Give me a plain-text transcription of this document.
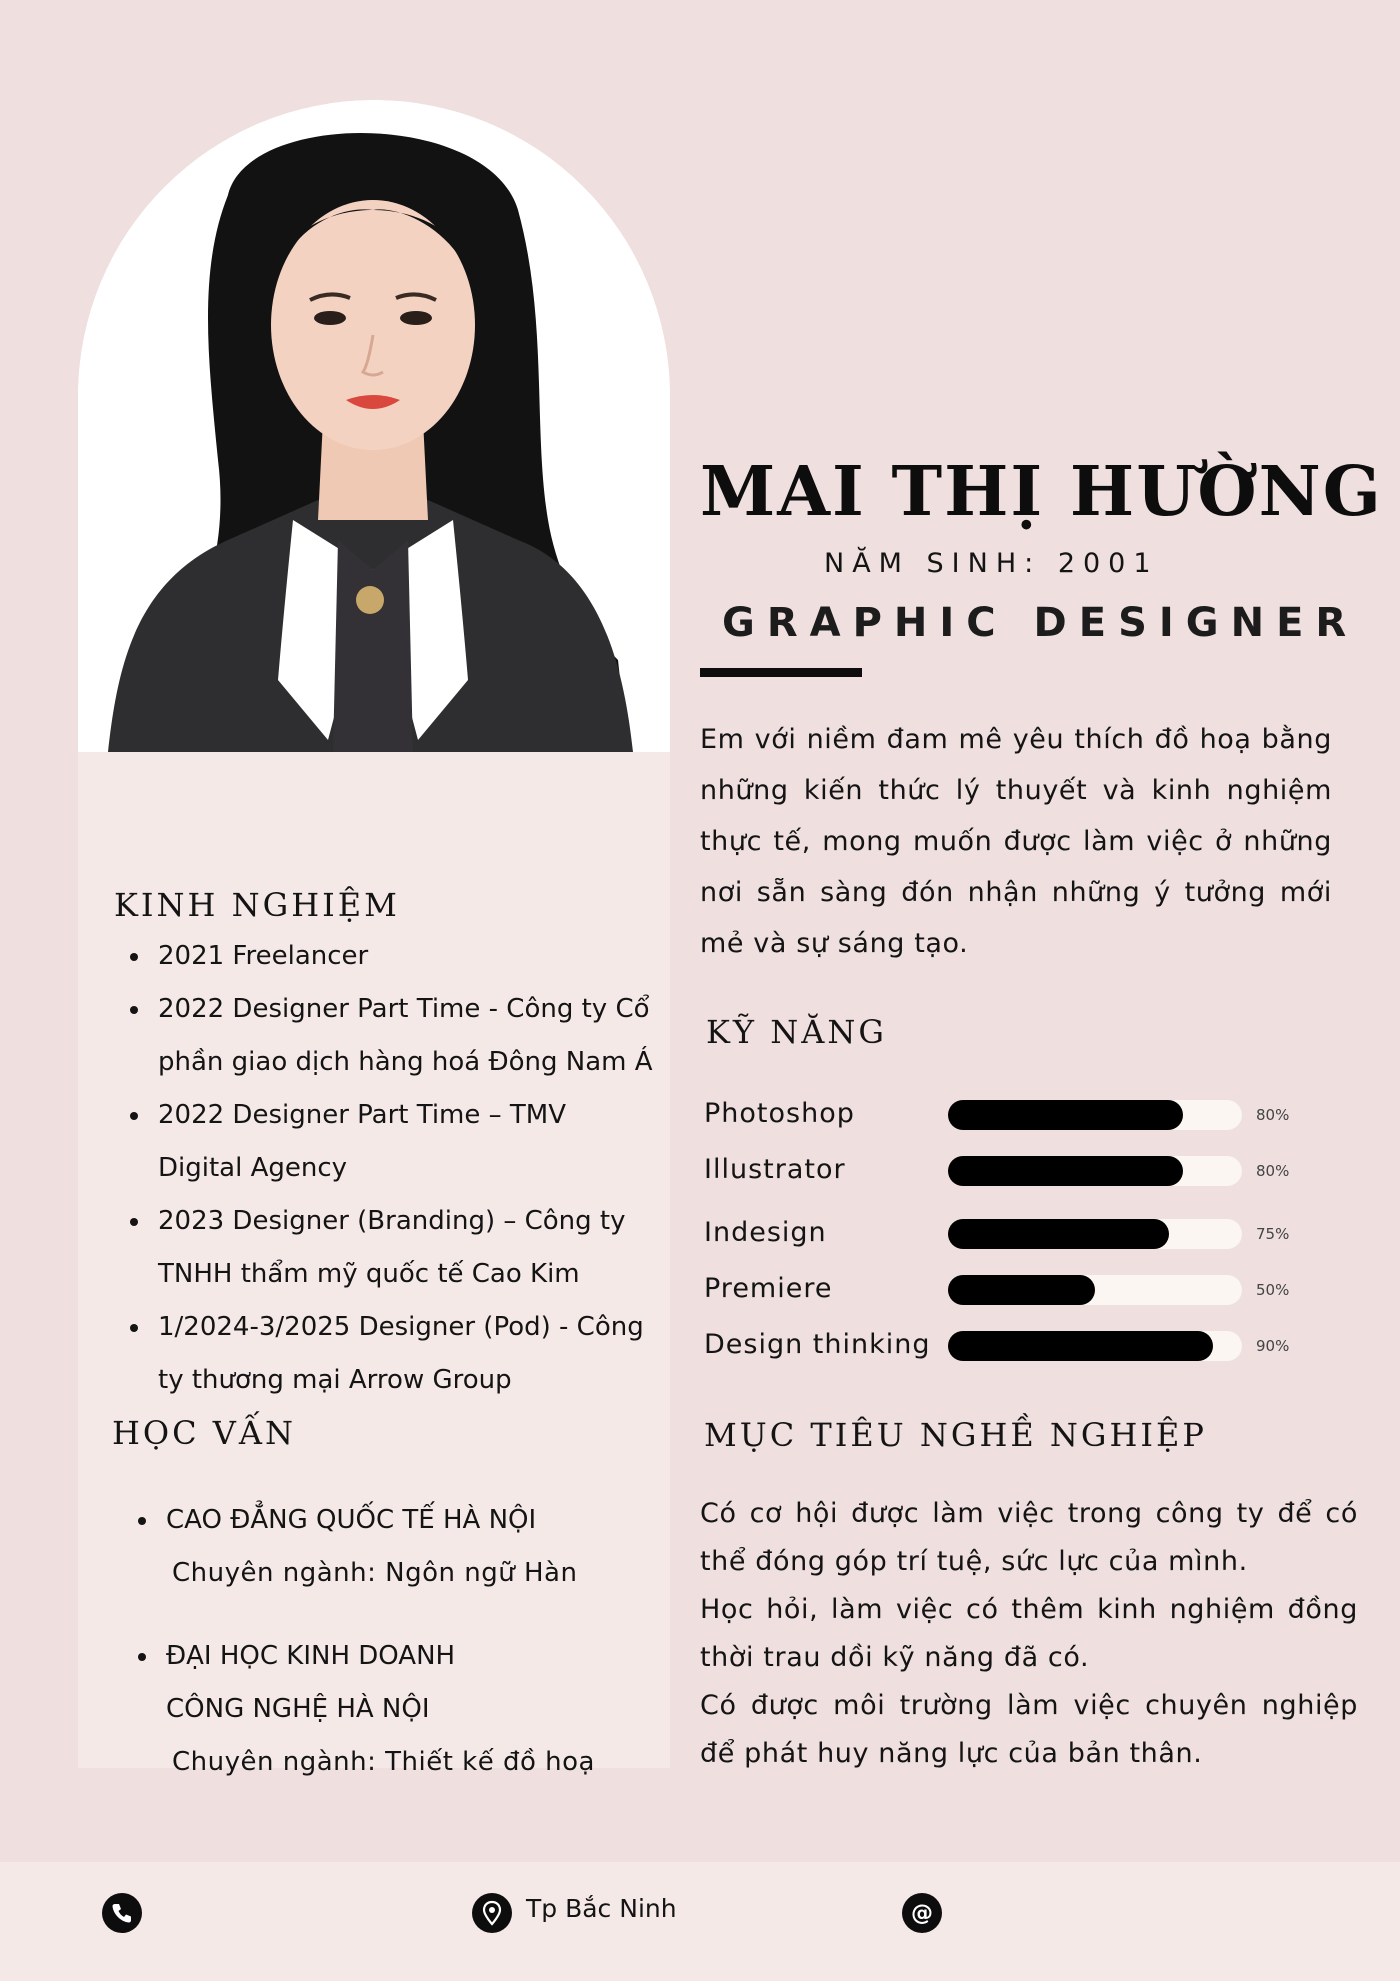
KINH NGHIỆM
2021 Freelancer
2022 Designer Part Time - Công ty Cổ phần giao dịch hàng hoá Đông Nam Á
2022 Designer Part Time – TMV Digital Agency
2023 Designer (Branding) – Công ty TNHH thẩm mỹ quốc tế Cao Kim
1/2024-3/2025 Designer (Pod) - Công ty thương mại Arrow Group
HỌC VẤN
CAO ĐẲNG QUỐC TẾ HÀ NỘI
Chuyên ngành: Ngôn ngữ Hàn
ĐẠI HỌC KINH DOANH CÔNG NGHỆ HÀ NỘI
Chuyên ngành: Thiết kế đồ hoạ
MAI THỊ HƯỜNG
NĂM SINH: 2001
GRAPHIC DESIGNER
Em với niềm đam mê yêu thích đồ hoạ bằng những kiến thức lý thuyết và kinh nghiệm thực tế, mong muốn được làm việc ở những nơi sẵn sàng đón nhận những ý tưởng mới mẻ và sự sáng tạo.
KỸ NĂNG
Photoshop	80%
Illustrator	80%
Indesign	75%
Premiere	50%
Design thinking	90%
MỤC TIÊU NGHỀ NGHIỆP

Có cơ hội được làm việc trong công ty để có thể đóng góp trí tuệ, sức lực của mình.

Học hỏi, làm việc có thêm kinh nghiệm đồng thời trau dồi kỹ năng đã có.

Có được môi trường làm việc chuyên nghiệp để phát huy năng lực của bản thân.

Tp Bắc Ninh	@
